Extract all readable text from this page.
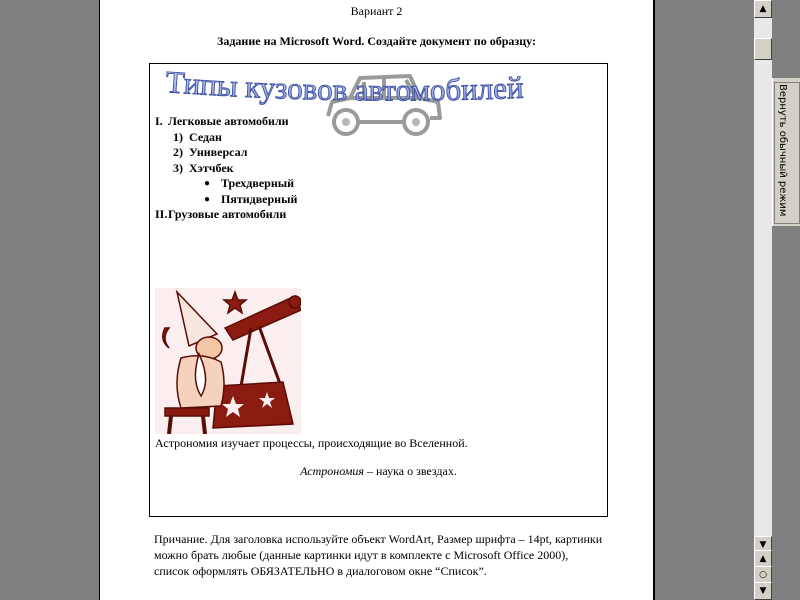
Вариант 2
Задание на Microsoft Word. Создайте документ по образцу:
Типы кузовов автомобилей
I. Легковые автомобили
1) Седан
2) Универсал
3) Хэтчбек
● Трехдверный
● Пятидверный
II. Грузовые автомобили
Астрономия изучает процессы, происходящие во Вселенной.
Астрономия – наука о звездах.
Причание. Для заголовка используйте объект WordArt, Размер шрифта – 14pt, картинки можно брать любые (данные картинки идут в комплекте с Microsoft Office 2000), список оформлять ОБЯЗАТЕЛЬНО в диалоговом окне “Список”.
▲
▼
▲
○
▼
Вернуть обычный режим
